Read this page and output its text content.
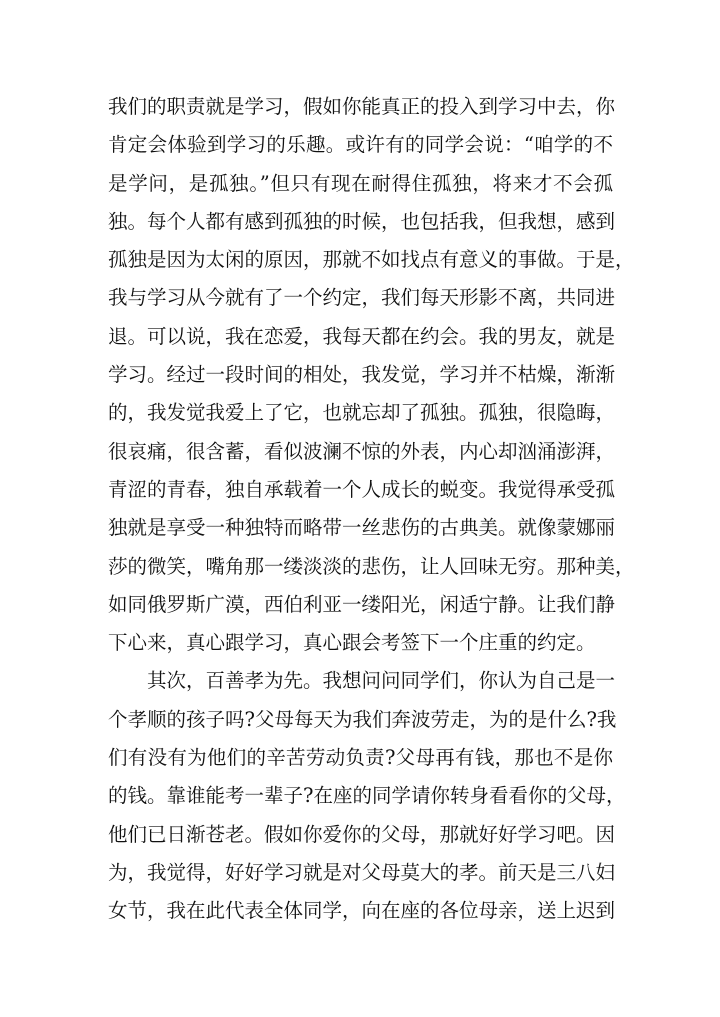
我们的职责就是学习，假如你能真正的投入到学习中去，你
肯定会体验到学习的乐趣。或许有的同学会说：“咱学的不
是学问，是孤独。”但只有现在耐得住孤独，将来才不会孤
独。每个人都有感到孤独的时候，也包括我，但我想，感到
孤独是因为太闲的原因，那就不如找点有意义的事做。于是，
我与学习从今就有了一个约定，我们每天形影不离，共同进
退。可以说，我在恋爱，我每天都在约会。我的男友，就是
学习。经过一段时间的相处，我发觉，学习并不枯燥，渐渐
的，我发觉我爱上了它，也就忘却了孤独。孤独，很隐晦，
很哀痛，很含蓄，看似波澜不惊的外表，内心却汹涌澎湃，
青涩的青春，独自承载着一个人成长的蜕变。我觉得承受孤
独就是享受一种独特而略带一丝悲伤的古典美。就像蒙娜丽
莎的微笑，嘴角那一缕淡淡的悲伤，让人回味无穷。那种美，
如同俄罗斯广漠，西伯利亚一缕阳光，闲适宁静。让我们静
下心来，真心跟学习，真心跟会考签下一个庄重的约定。
其次，百善孝为先。我想问问同学们，你认为自己是一
个孝顺的孩子吗?父母每天为我们奔波劳走，为的是什么?我
们有没有为他们的辛苦劳动负责?父母再有钱，那也不是你
的钱。靠谁能考一辈子?在座的同学请你转身看看你的父母，
他们已日渐苍老。假如你爱你的父母，那就好好学习吧。因
为，我觉得，好好学习就是对父母莫大的孝。前天是三八妇
女节，我在此代表全体同学，向在座的各位母亲，送上迟到
